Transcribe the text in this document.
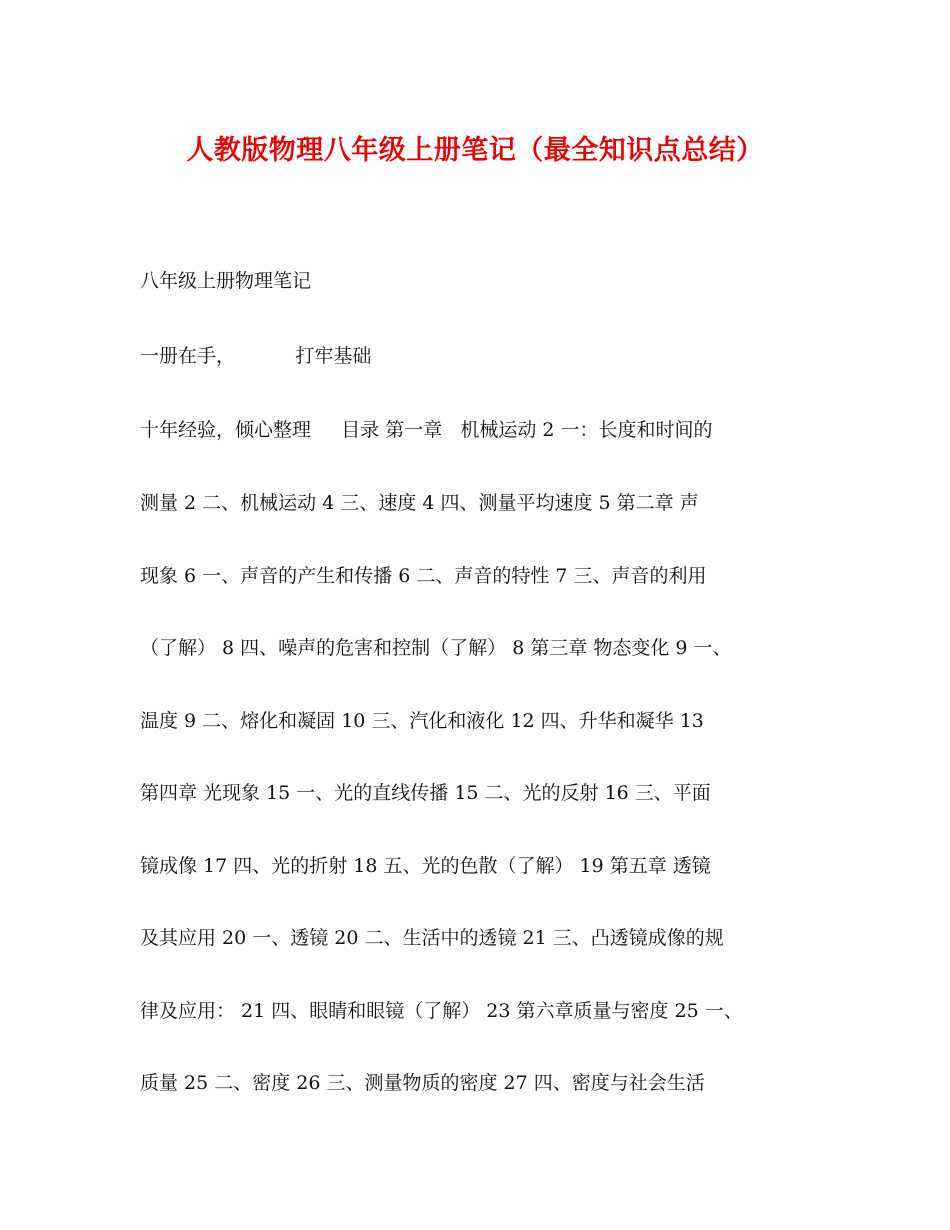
人教版物理八年级上册笔记（最全知识点总结）
八年级上册物理笔记
一册在手，          打牢基础
十年经验，倾心整理     目录 第一章   机械运动 2 一：长度和时间的
测量 2 二、机械运动 4 三、速度 4 四、测量平均速度 5 第二章 声
现象 6 一、声音的产生和传播 6 二、声音的特性 7 三、声音的利用
（了解） 8 四、噪声的危害和控制（了解） 8 第三章 物态变化 9 一、
温度 9 二、熔化和凝固 10 三、汽化和液化 12 四、升华和凝华 13
第四章 光现象 15 一、光的直线传播 15 二、光的反射 16 三、平面
镜成像 17 四、光的折射 18 五、光的色散（了解） 19 第五章 透镜
及其应用 20 一、透镜 20 二、生活中的透镜 21 三、凸透镜成像的规
律及应用： 21 四、眼睛和眼镜（了解） 23 第六章质量与密度 25 一、
质量 25 二、密度 26 三、测量物质的密度 27 四、密度与社会生活
